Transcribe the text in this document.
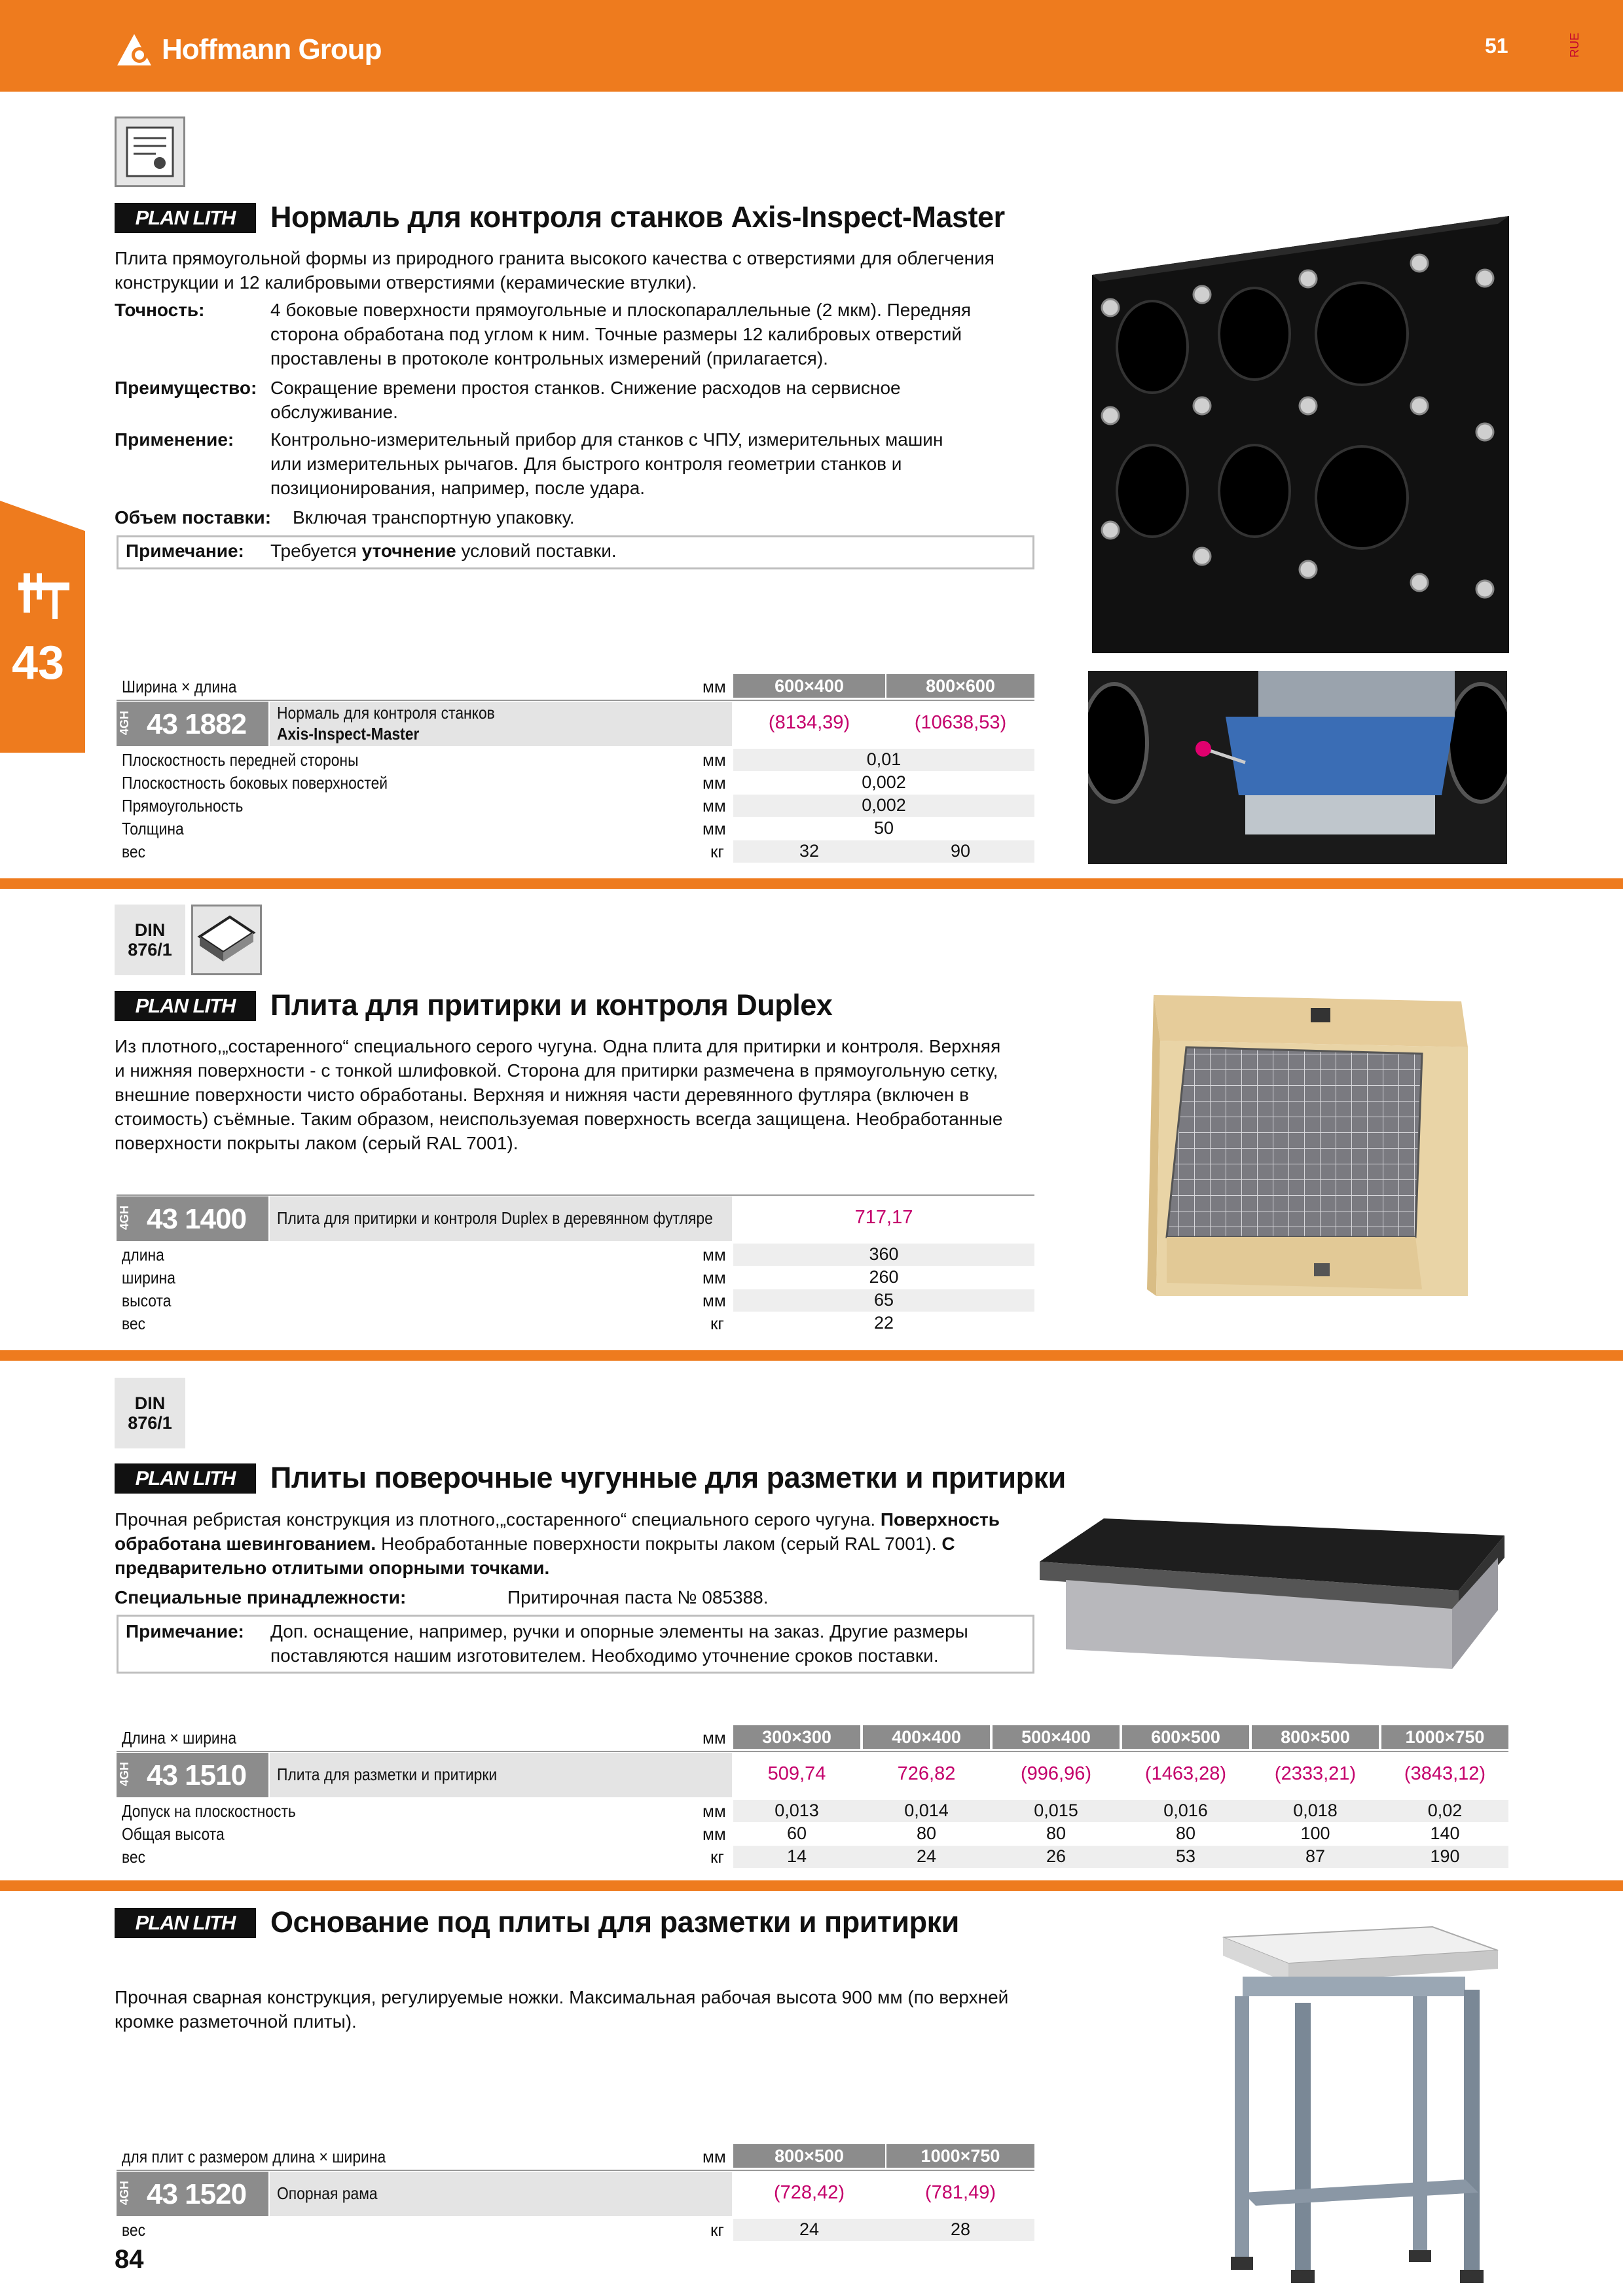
Hoffmann Group	51	RUE
43
PLAN LITH	Нормаль для контроля станков Axis-Inspect-Master
Плита прямоугольной формы из природного гранита высокого качества с отверстиями для облегчения
конструкции и 12 калибровыми отверстиями (керамические втулки).
Точность:	4 боковые поверхности прямоугольные и плоскопараллельные (2 мкм). Передняя
сторона обработана под углом к ним. Точные размеры 12 калибровых отверстий
проставлены в протоколе контрольных измерений (прилагается).
Преимущество: Сокращение времени простоя станков. Снижение расходов на сервисное
обслуживание.
Применение: Контрольно-измерительный прибор для станков с ЧПУ, измерительных машин
или измерительных рычагов. Для быстрого контроля геометрии станков и
позиционирования, например, после удара.
Объем поставки: Включая транспортную упаковку.
Примечание: Требуется уточнение условий поставки.
Ширина × длина	мм	600×400	800×600
4GH 43 1882 Нормаль для контроля станков
Axis-Inspect-Master
(8134,39)	(10638,53)
Плоскостность передней стороны	мм	0,01
Плоскостность боковых поверхностей	мм	0,002
Прямоугольность	мм	0,002
Толщина	мм	50
вес	кг	32	90
DIN
876/1
PLAN LITH	Плита для притирки и контроля Duplex
Из плотного,„состаренного“ специального серого чугуна. Одна плита для притирки и контроля. Верхняя
и нижняя поверхности - с тонкой шлифовкой. Сторона для притирки размечена в прямоугольную сетку,
внешние поверхности чисто обработаны. Верхняя и нижняя части деревянного футляра (включен в
стоимость) съёмные. Таким образом, неиспользуемая поверхность всегда защищена. Необработанные
поверхности покрыты лаком (серый RAL 7001).
4GH 43 1400 Плита для притирки и контроля Duplex в деревянном футляре	717,17
длина	мм	360
ширина	мм	260
высота	мм	65
вес	кг	22
DIN
876/1
PLAN LITH	Плиты поверочные чугунные для разметки и притирки
Прочная ребристая конструкция из плотного,„состаренного“ специального серого чугуна. Поверхность
обработана шевингованием. Необработанные поверхности покрыты лаком (серый RAL 7001). С
предварительно отлитыми опорными точками.
Специальные принадлежности:	Притирочная паста № 085388.
Примечание: Доп. оснащение, например, ручки и опорные элементы на заказ. Другие размеры
поставляются нашим изготовителем. Необходимо уточнение сроков поставки.
Длина × ширина	мм	300×300	400×400	500×400	600×500	800×500	1000×750
4GH 43 1510 Плита для разметки и притирки	509,74	726,82	(996,96)	(1463,28)	(2333,21)	(3843,12)
Допуск на плоскостность	мм	0,013	0,014	0,015	0,016	0,018	0,02
Общая высота	мм	60	80	80	80	100	140
вес	кг	14	24	26	53	87	190
PLAN LITH	Основание под плиты для разметки и притирки
Прочная сварная конструкция, регулируемые ножки. Максимальная рабочая высота 900 мм (по верхней
кромке разметочной плиты).
для плит с размером длина × ширина	мм	800×500	1000×750
4GH 43 1520 Опорная рама	(728,42)	(781,49)
вес	кг	24	28
84
